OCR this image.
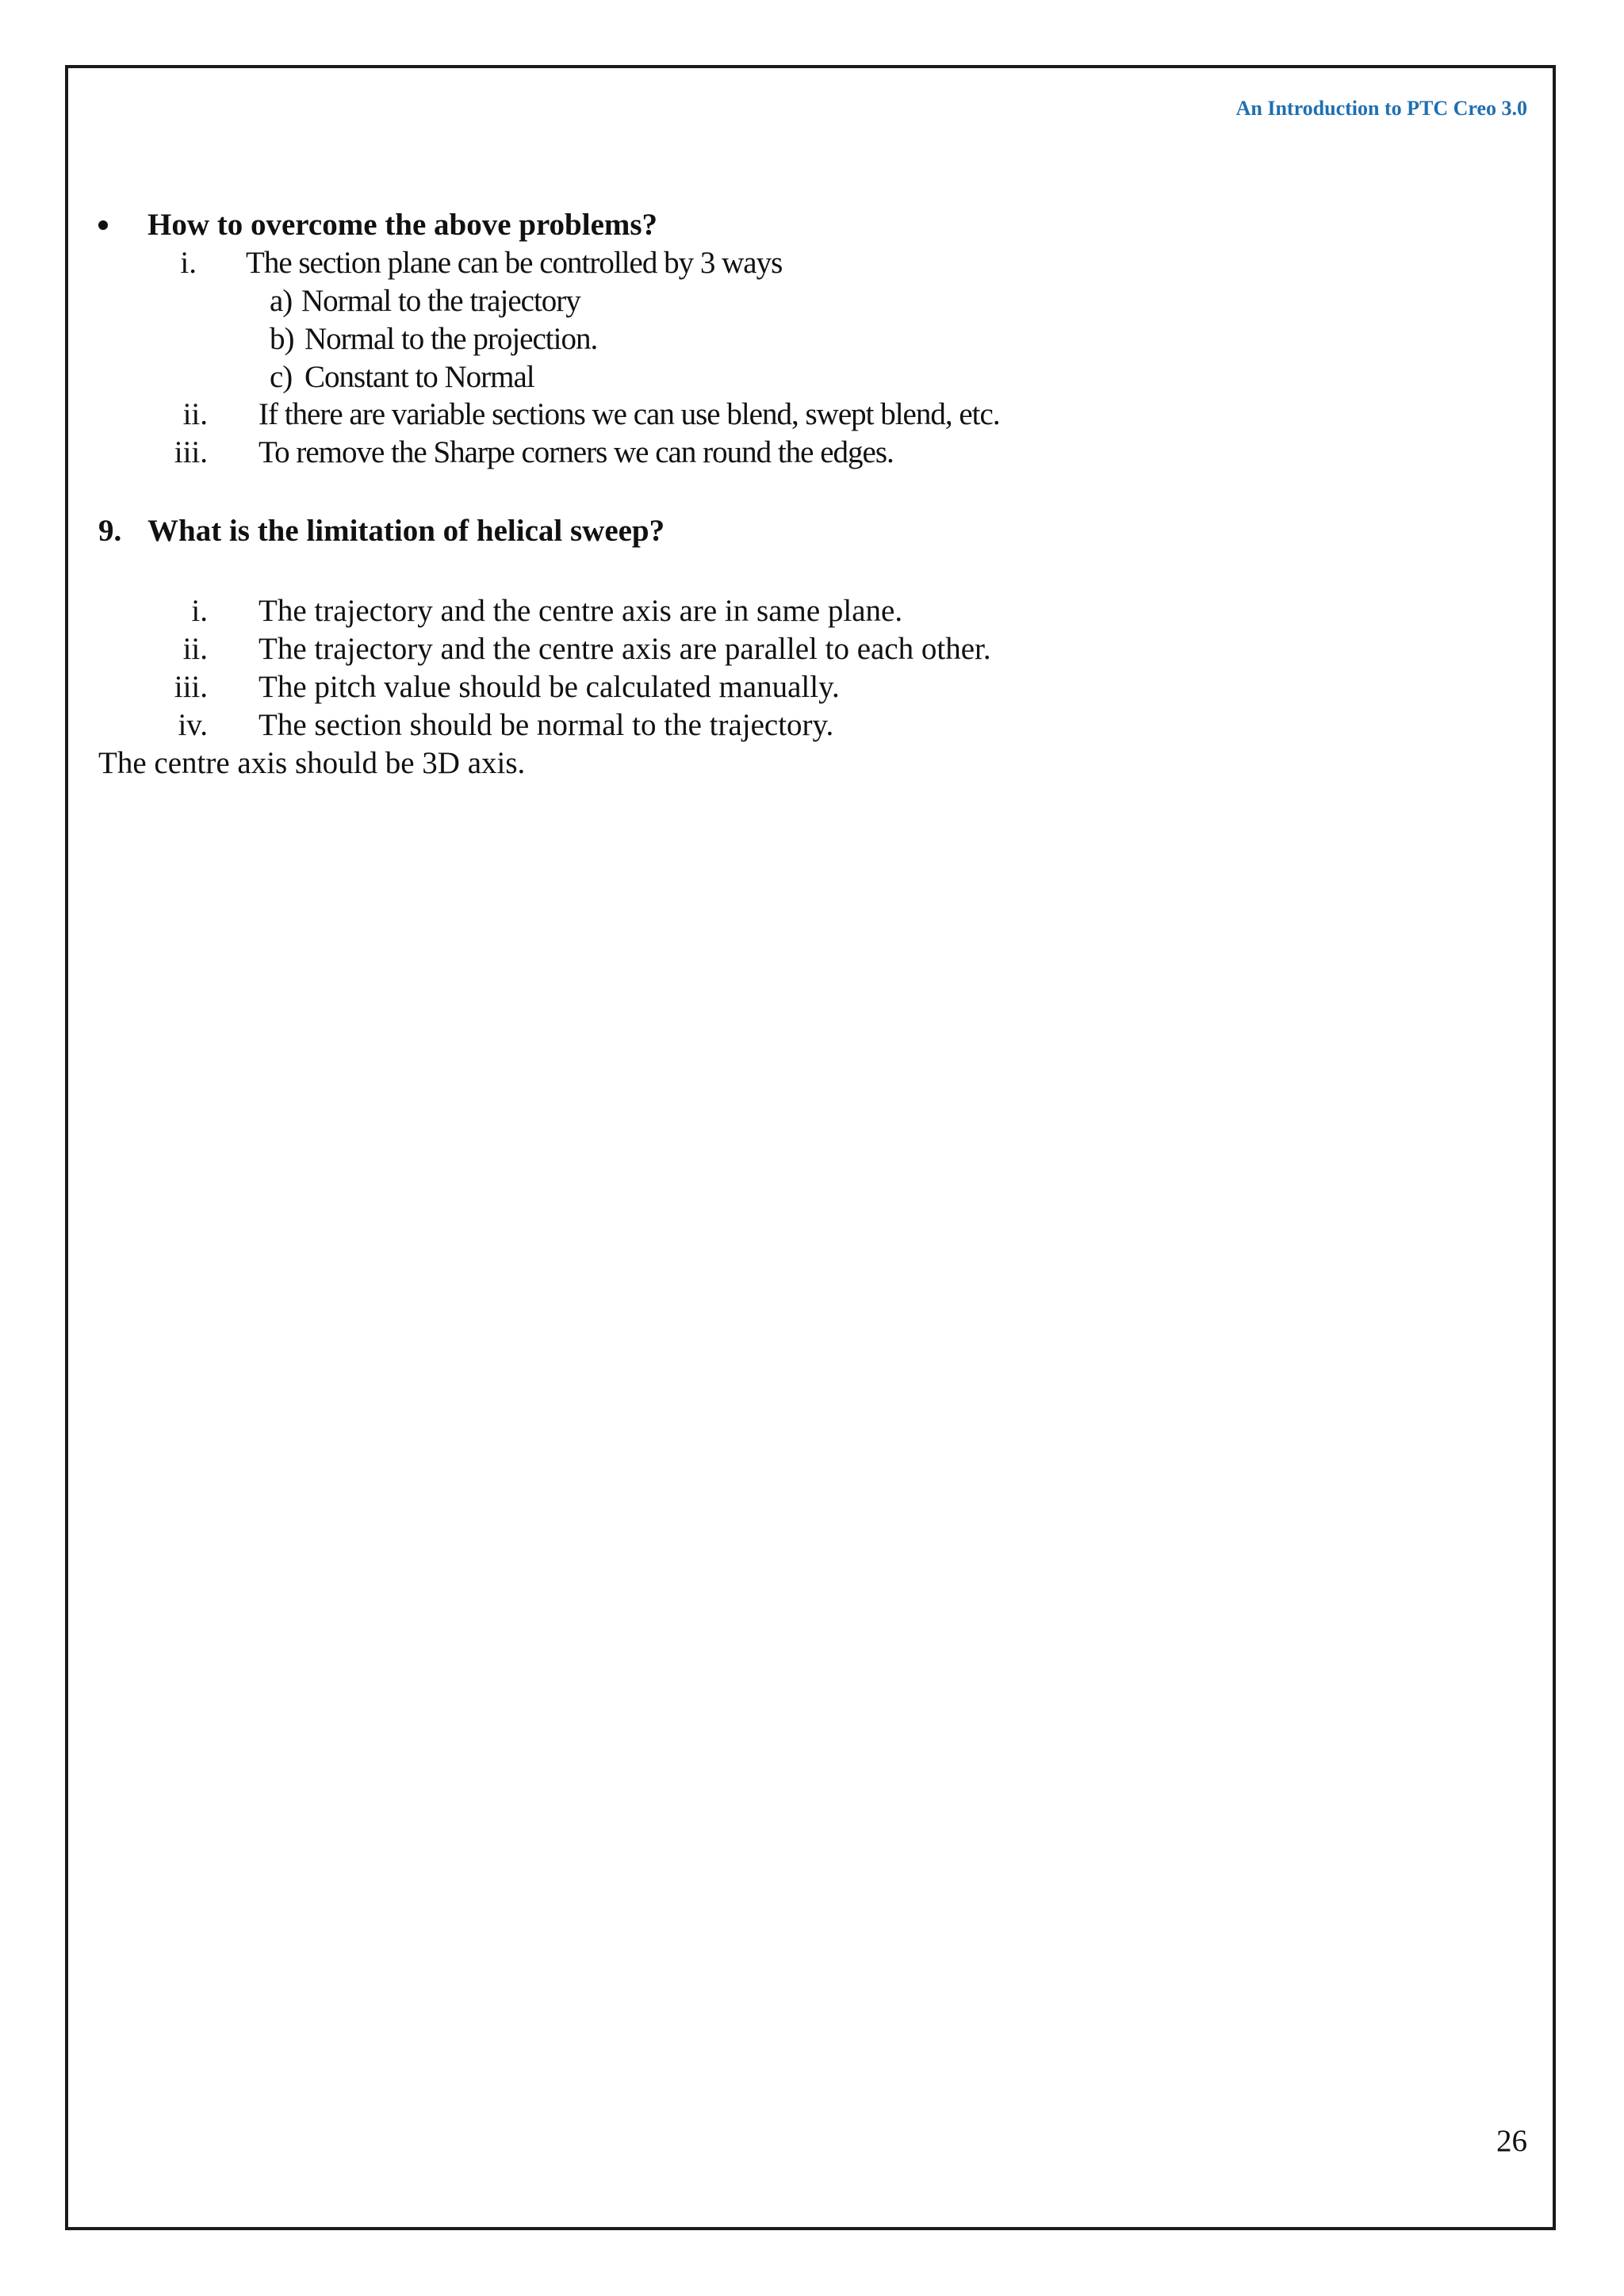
An Introduction to PTC Creo 3.0
How to overcome the above problems?
i. The section plane can be controlled by 3 ways
a) Normal to the trajectory
b) Normal to the projection.
c) Constant to Normal
ii. If there are variable sections we can use blend, swept blend, etc.
iii. To remove the Sharpe corners we can round the edges.
9. What is the limitation of helical sweep?
i. The trajectory and the centre axis are in same plane.
ii. The trajectory and the centre axis are parallel to each other.
iii. The pitch value should be calculated manually.
iv. The section should be normal to the trajectory.
The centre axis should be 3D axis.
26
